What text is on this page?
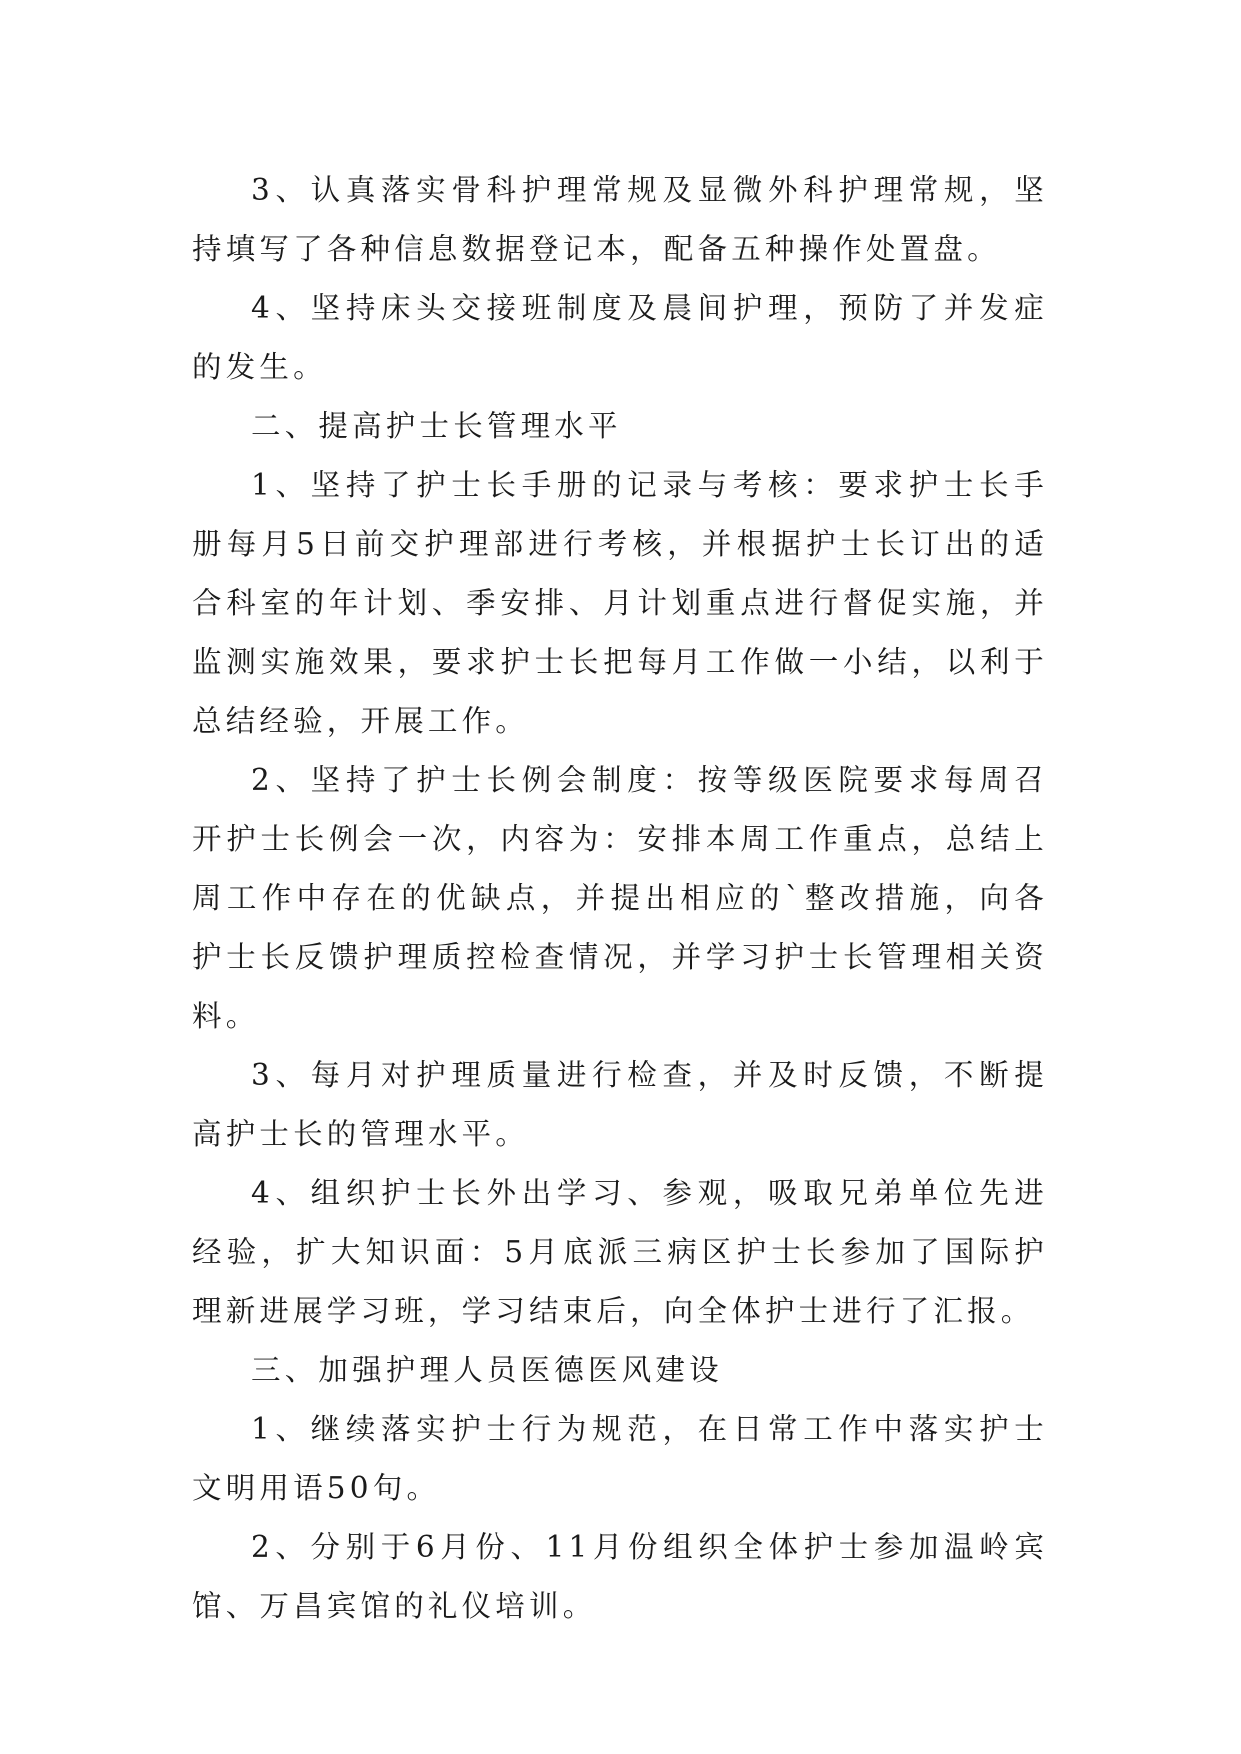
3、认真落实骨科护理常规及显微外科护理常规，坚持填写了各种信息数据登记本，配备五种操作处置盘。

4、坚持床头交接班制度及晨间护理，预防了并发症的发生。

二、提高护士长管理水平

1、坚持了护士长手册的记录与考核：要求护士长手册每月5日前交护理部进行考核，并根据护士长订出的适合科室的年计划、季安排、月计划重点进行督促实施，并监测实施效果，要求护士长把每月工作做一小结，以利于总结经验，开展工作。

2、坚持了护士长例会制度：按等级医院要求每周召开护士长例会一次，内容为：安排本周工作重点，总结上周工作中存在的优缺点，并提出相应的`整改措施，向各护士长反馈护理质控检查情况，并学习护士长管理相关资料。

3、每月对护理质量进行检查，并及时反馈，不断提高护士长的管理水平。

4、组织护士长外出学习、参观，吸取兄弟单位先进经验，扩大知识面：5月底派三病区护士长参加了国际护理新进展学习班，学习结束后，向全体护士进行了汇报。

三、加强护理人员医德医风建设

1、继续落实护士行为规范，在日常工作中落实护士文明用语50句。

2、分别于6月份、11月份组织全体护士参加温岭宾馆、万昌宾馆的礼仪培训。
